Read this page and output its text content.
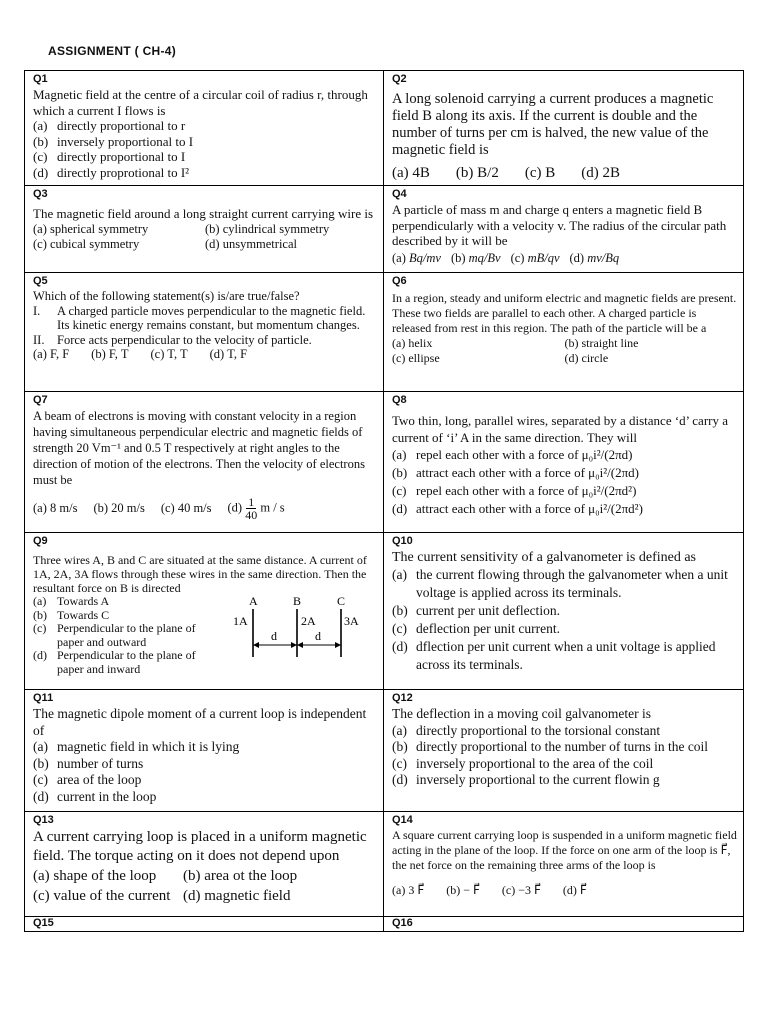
ASSIGNMENT ( CH-4)
Q1
Magnetic field at the centre of a circular coil of radius r, through which a current I flows is
(a) directly proportional to r
(b) inversely proportional to I
(c) directly proportional to I
(d) directly proprotional to I²
Q2
A long solenoid carrying a current produces a magnetic field B along its axis. If the current is double and the number of turns per cm is halved, the new value of the magnetic field is
(a) 4B (b) B/2 (c) B (d) 2B
Q3
The magnetic field around a long straight current carrying wire is
(a) spherical symmetry	(b) cylindrical symmetry
(c) cubical symmetry	(d) unsymmetrical
Q4
A particle of mass m and charge q enters a magnetic field B perpendicularly with a velocity v. The radius of the circular path described by it will be
(a) Bq/mv (b) mq/Bv (c) mB/qv (d) mv/Bq
Q5
Which of the following statement(s) is/are true/false?
I.	A charged particle moves perpendicular to the magnetic field. Its kinetic energy remains constant, but momentum changes.
II.	Force acts perpendicular to the velocity of particle.
(a) F, F (b) F, T (c) T, T (d) T, F
Q6
In a region, steady and uniform electric and magnetic fields are present. These two fields are parallel to each other. A charged particle is released from rest in this region. The path of the particle will be a
(a) helix	(b) straight line
(c) ellipse	(d) circle
Q7
A beam of electrons is moving with constant velocity in a region having simultaneous perpendicular electric and magnetic fields of strength 20 Vm⁻¹ and 0.5 T respectively at right angles to the direction of motion of the electrons. Then the velocity of electrons must be
(a) 8 m/s (b) 20 m/s (c) 40 m/s $(d) \frac{1}{40}$ m / s
Q8
Two thin, long, parallel wires, separated by a distance ‘d’ carry a current of ‘i’ A in the same direction. They will
(a) repel each other with a force of μ₀i²/(2πd)
(b) attract each other with a force of μ₀i²/(2πd)
(c) repel each other with a force of μ₀i²/(2πd²)
(d) attract each other with a force of μ₀i²/(2πd²)
Q9
Three wires A, B and C are situated at the same distance. A current of 1A, 2A, 3A flows through these wires in the same direction. Then the resultant force on B is directed
(a) Towards A
(b) Towards C
(c) Perpendicular to the plane of paper and outward
(d) Perpendicular to the plane of paper and inward
A	B	C
1A	2A 3A
d	d
Q10
The current sensitivity of a galvanometer is defined as
(a) the current flowing through the galvanometer when a unit voltage is applied across its terminals.
(b) current per unit deflection.
(c) deflection per unit current.
(d) dflection per unit current when a unit voltage is applied across its terminals.
Q11
The magnetic dipole moment of a current loop is independent of
(a) magnetic field in which it is lying
(b) number of turns
(c) area of the loop
(d) current in the loop
Q12
The deflection in a moving coil galvanometer is
(a) directly proportional to the torsional constant
(b) directly proportional to the number of turns in the coil
(c) inversely proportional to the area of the coil
(d) inversely proportional to the current flowin g
Q13
A current carrying loop is placed in a uniform magnetic field. The torque acting on it does not depend upon
(a) shape of the loop	(b) area ot the loop
(c) value of the current (d) magnetic field
Q14
A square current carrying loop is suspended in a uniform magnetic field acting in the plane of the loop. If the force on one arm of the loop is F⃗, the net force on the remaining three arms of the loop is
(a) 3 F⃗ (b) − F⃗ (c) −3 F⃗ (d) F⃗
Q15	Q16
